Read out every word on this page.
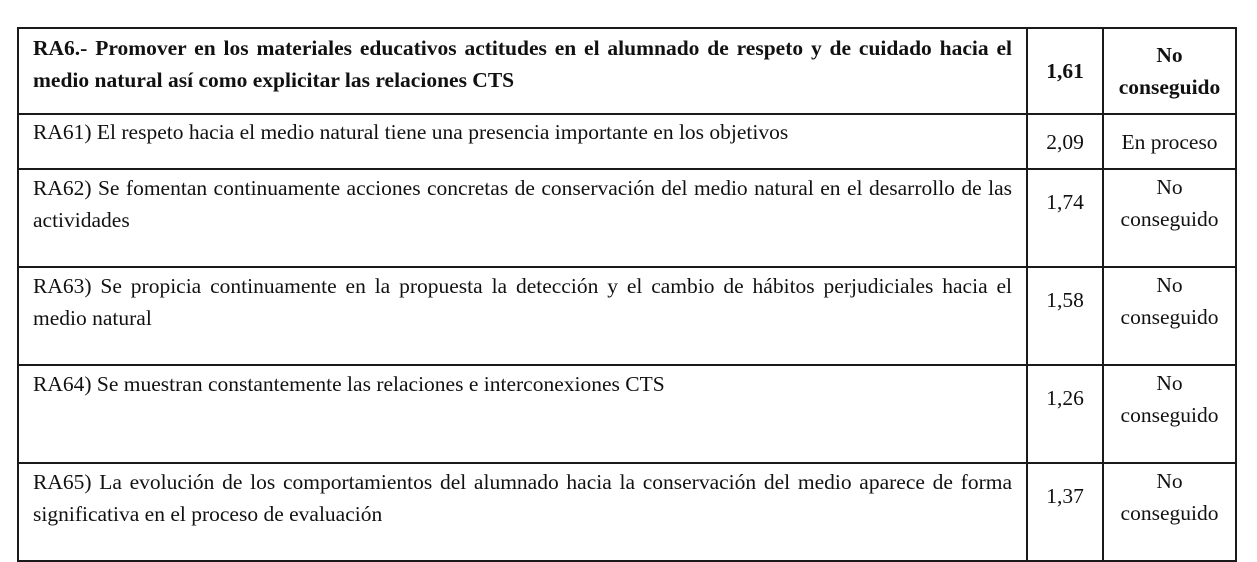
RA6.- Promover en los materiales educativos actitudes en el alumnado de respeto y de cuidado hacia el medio natural así como explicitar las relaciones CTS	1,61	No
conseguido

RA61) El respeto hacia el medio natural tiene una presencia importante en los objetivos	2,09	En proceso

RA62) Se fomentan continuamente acciones concretas de conservación del medio natural en el desarrollo de las actividades	1,74	No
conseguido

RA63) Se propicia continuamente en la propuesta la detección y el cambio de hábitos perjudiciales hacia el medio natural	1,58	No
conseguido

RA64) Se muestran constantemente las relaciones e interconexiones CTS	1,26	No
conseguido

RA65) La evolución de los comportamientos del alumnado hacia la conservación del medio aparece de forma significativa en el proceso de evaluación	1,37	No
conseguido
